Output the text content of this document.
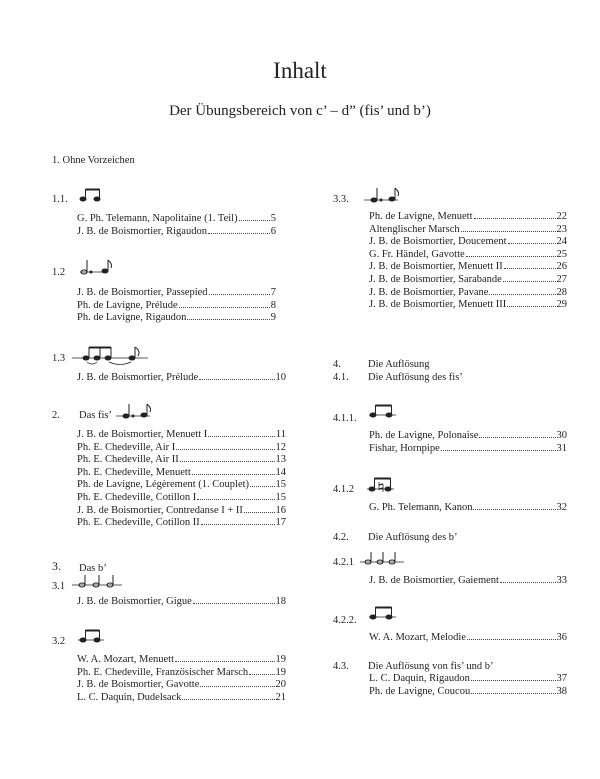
Inhalt
Der Übungsbereich von c’ – d” (fis’ und b’)
1. Ohne Vorzeichen
1.1.
G. Ph. Telemann, Napolitaine (1. Teil)	5
J. B. de Boismortier, Rigaudon	6
1.2
J. B. de Boismortier, Passepied	7
Ph. de Lavigne, Prélude	8
Ph. de Lavigne, Rigaudon	9
1.3
J. B. de Boismortier, Prélude	10
2. Das fis’
J. B. de Boismortier, Menuett I	11
Ph. E. Chedeville, Air I	12
Ph. E. Chedeville, Air II	13
Ph. E. Chedeville, Menuett	14
Ph. de Lavigne, Légèrement (1. Couplet)	15
Ph. E. Chedeville, Cotillon I	15
J. B. de Boismortier, Contredanse I + II	16
Ph. E. Chedeville, Cotillon II	17
3. Das b’
3.1
J. B. de Boismortier, Gigue	18
3.2
W. A. Mozart, Menuett	19
Ph. E. Chedeville, Französischer Marsch	19
J. B. de Boismortier, Gavotte	20
L. C. Daquin, Dudelsack	21
3.3.
Ph. de Lavigne, Menuett	22
Altenglischer Marsch	23
J. B. de Boismortier, Doucement	24
G. Fr. Händel, Gavotte	25
J. B. de Boismortier, Menuett II	26
J. B. de Boismortier, Sarabande	27
J. B. de Boismortier, Pavane	28
J. B. de Boismortier, Menuett III	29
4.	Die Auflösung
4.1. Die Auflösung des fis’
4.1.1.
Ph. de Lavigne, Polonaise	30
Fishar, Hornpipe	31
4.1.2
G. Ph. Telemann, Kanon	32
4.2. Die Auflösung des b’
4.2.1
J. B. de Boismortier, Gaiement	33
4.2.2.
W. A. Mozart, Melodie	36
4.3. Die Auflösung von fis’ und b’
L. C. Daquin, Rigaudon	37
Ph. de Lavigne, Coucou	38
